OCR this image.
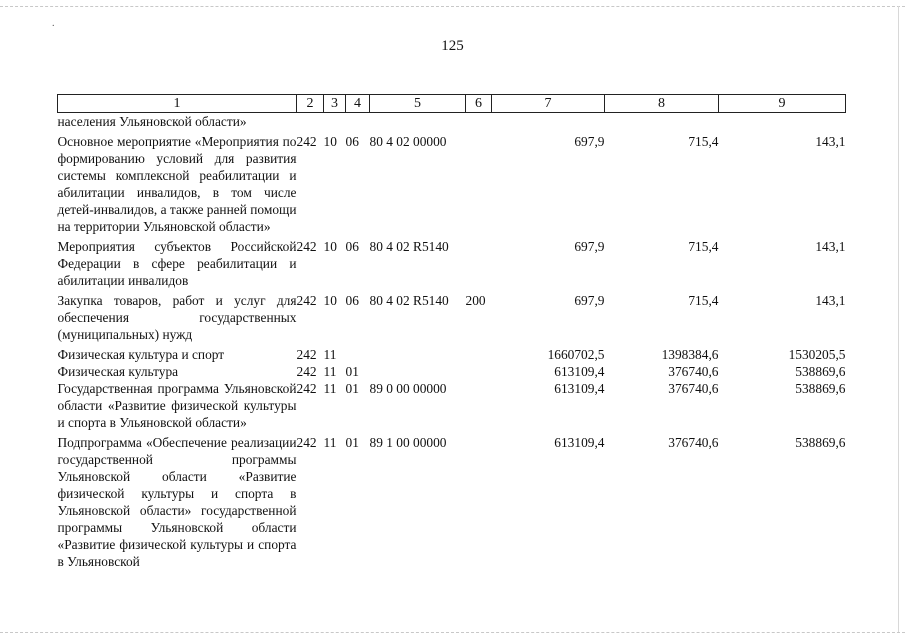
.
125
1	2	3	4	5	6	7	8	9
населения Ульяновской области»								
Основное мероприятие «Мероприятия по формированию условий для развития системы комплексной реабилитации и абилитации инвалидов, в том числе детей-инвалидов, а также ранней помощи на территории Ульяновской области»	242	10	06	80 4 02 00000		697,9	715,4	143,1
Мероприятия субъектов Российской Федерации в сфере реабилитации и абилитации инвалидов	242	10	06	80 4 02 R5140		697,9	715,4	143,1
Закупка товаров, работ и услуг для обеспечения государственных (муниципальных) нужд	242	10	06	80 4 02 R5140	200	697,9	715,4	143,1
Физическая культура и спорт	242	11				1660702,5	1398384,6	1530205,5
Физическая культура	242	11	01			613109,4	376740,6	538869,6
Государственная программа Ульяновской области «Развитие физической культуры и спорта в Ульяновской области»	242	11	01	89 0 00 00000		613109,4	376740,6	538869,6
Подпрограмма «Обеспечение реализации государственной программы Ульяновской области «Развитие физической культуры и спорта в Ульяновской области» государственной программы Ульяновской области «Развитие физической культуры и спорта в Ульяновской	242	11	01	89 1 00 00000		613109,4	376740,6	538869,6
